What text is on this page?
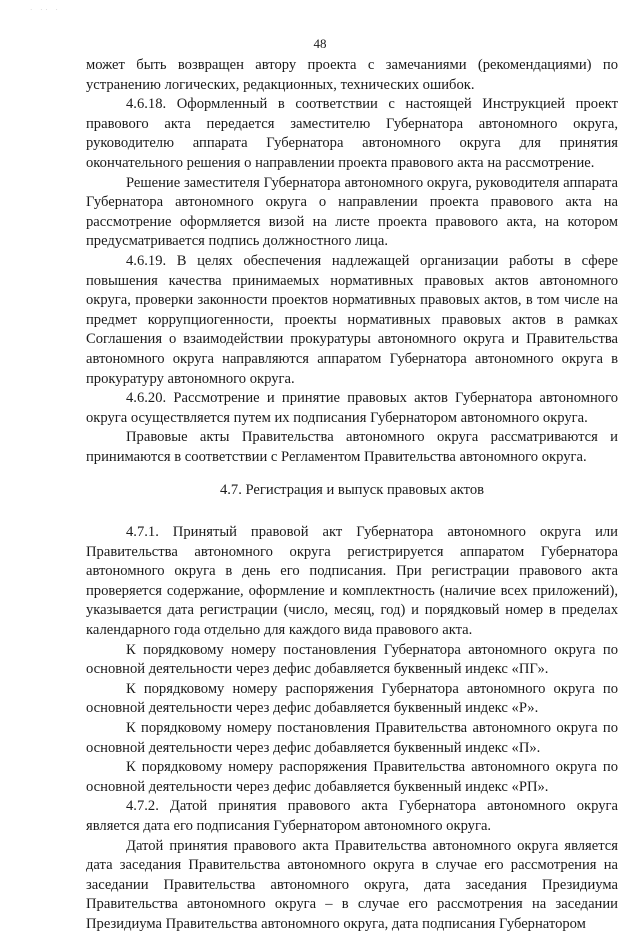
· ·· ·
48

может быть возвращен автору проекта с замечаниями (рекомендациями) по устранению логических, редакционных, технических ошибок.

4.6.18. Оформленный в соответствии с настоящей Инструкцией проект правового акта передается заместителю Губернатора автономного округа, руководителю аппарата Губернатора автономного округа для принятия окончательного решения о направлении проекта правового акта на рассмотрение.

Решение заместителя Губернатора автономного округа, руководителя аппарата Губернатора автономного округа о направлении проекта правового акта на рассмотрение оформляется визой на листе проекта правового акта, на котором предусматривается подпись должностного лица.

4.6.19. В целях обеспечения надлежащей организации работы в сфере повышения качества принимаемых нормативных правовых актов автономного округа, проверки законности проектов нормативных правовых актов, в том числе на предмет коррупциогенности, проекты нормативных правовых актов в рамках Соглашения о взаимодействии прокуратуры автономного округа и Правительства автономного округа направляются аппаратом Губернатора автономного округа в прокуратуру автономного округа.

4.6.20. Рассмотрение и принятие правовых актов Губернатора автономного округа осуществляется путем их подписания Губернатором автономного округа.

Правовые акты Правительства автономного округа рассматриваются и принимаются в соответствии с Регламентом Правительства автономного округа.

4.7. Регистрация и выпуск правовых актов

4.7.1. Принятый правовой акт Губернатора автономного округа или Правительства автономного округа регистрируется аппаратом Губернатора автономного округа в день его подписания. При регистрации правового акта проверяется содержание, оформление и комплектность (наличие всех приложений), указывается дата регистрации (число, месяц, год) и порядковый номер в пределах календарного года отдельно для каждого вида правового акта.

К порядковому номеру постановления Губернатора автономного округа по основной деятельности через дефис добавляется буквенный индекс «ПГ».

К порядковому номеру распоряжения Губернатора автономного округа по основной деятельности через дефис добавляется буквенный индекс «Р».

К порядковому номеру постановления Правительства автономного округа по основной деятельности через дефис добавляется буквенный индекс «П».

К порядковому номеру распоряжения Правительства автономного округа по основной деятельности через дефис добавляется буквенный индекс «РП».

4.7.2. Датой принятия правового акта Губернатора автономного округа является дата его подписания Губернатором автономного округа.

Датой принятия правового акта Правительства автономного округа является дата заседания Правительства автономного округа в случае его рассмотрения на заседании Правительства автономного округа, дата заседания Президиума Правительства автономного округа – в случае его рассмотрения на заседании Президиума Правительства автономного округа, дата подписания Губернатором
